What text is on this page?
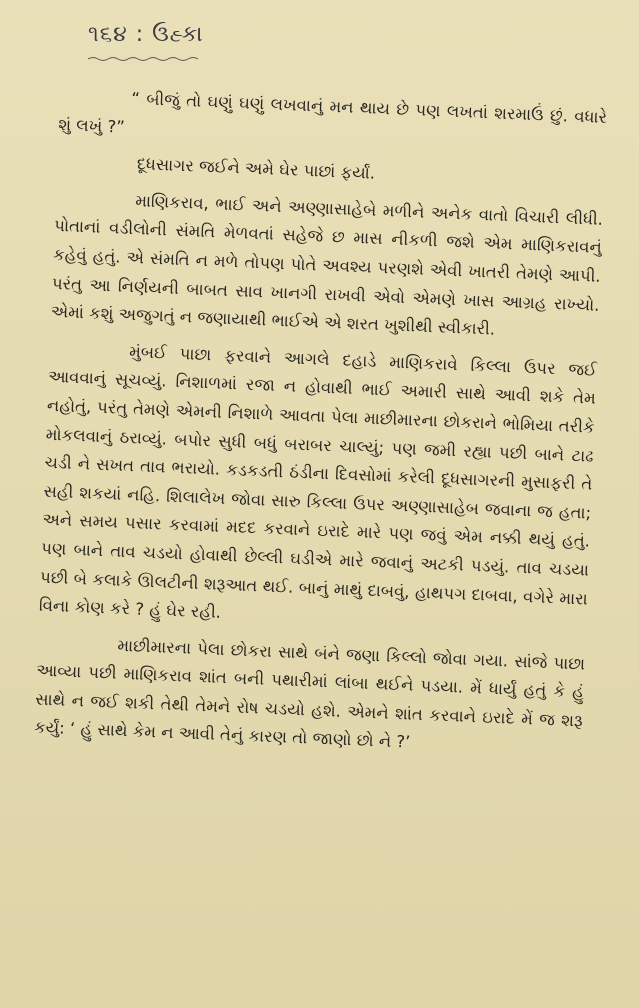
૧૬૪ : ઉહ્કા

“ બીજું તો ઘણું ઘણું લખવાનું મન થાય છે પણ લખતાં શરમાઉં છું. વધારે શું લખું ?”

દૂધસાગર જઈને અમે ઘેર પાછાં ફર્યાં.

માણિકરાવ, ભાઈ અને અણ્ણાસાહેબે મળીને અનેક વાતો વિચારી લીધી. પોતાનાં વડીલોની સંમતિ મેળવતાં સહેજે છ માસ નીકળી જશે એમ માણિકરાવનું કહેવું હતું. એ સંમતિ ન મળે તોપણ પોતે અવશ્ય પરણશે એવી ખાતરી તેમણે આપી. પરંતુ આ નિર્ણયની બાબત સાવ ખાનગી રાખવી એવો એમણે ખાસ આગ્રહ રાખ્યો. એમાં કશું અજુગતું ન જણાયાથી ભાઈએ એ શરત ખુશીથી સ્વીકારી.

મુંબઈ પાછા ફરવાને આગલે દહાડે માણિકરાવે કિલ્લા ઉપર જઈ આવવાનું સૂચવ્યું. નિશાળમાં રજા ન હોવાથી ભાઈ અમારી સાથે આવી શકે તેમ નહોતું, પરંતુ તેમણે એમની નિશાળે આવતા પેલા માછીમારના છોકરાને ભોમિયા તરીકે મોકલવાનું ઠરાવ્યું. બપોર સુધી બધું બરાબર ચાલ્યું; પણ જમી રહ્યા પછી બાને ટાઢ ચડી ને સખત તાવ ભરાયો. કડકડતી ઠંડીના દિવસોમાં કરેલી દૂધસાગરની મુસાફરી તે સહી શકયાં નહિ. શિલાલેખ જોવા સારુ કિલ્લા ઉપર અણ્ણાસાહેબ જવાના જ હતા; અને સમય પસાર કરવામાં મદદ કરવાને ઇરાદે મારે પણ જવું એમ નક્કી થયું હતું. પણ બાને તાવ ચડયો હોવાથી છેલ્લી ઘડીએ મારે જવાનું અટકી પડયું. તાવ ચડયા પછી બે કલાકે ઊલટીની શરૂઆત થઈ. બાનું માથું દાબવું, હાથપગ દાબવા, વગેરે મારા વિના કોણ કરે ? હું ઘેર રહી.

માછીમારના પેલા છોકરા સાથે બંને જણા કિલ્લો જોવા ગયા. સાંજે પાછા આવ્યા પછી માણિકરાવ શાંત બની પથારીમાં લાંબા થઈને પડયા. મેં ધાર્યું હતું કે હું સાથે ન જઈ શકી તેથી તેમને રોષ ચડયો હશે. એમને શાંત કરવાને ઇરાદે મેં જ શરૂ કર્યું: ‘ હું સાથે કેમ ન આવી તેનું કારણ તો જાણો છો ને ?’
